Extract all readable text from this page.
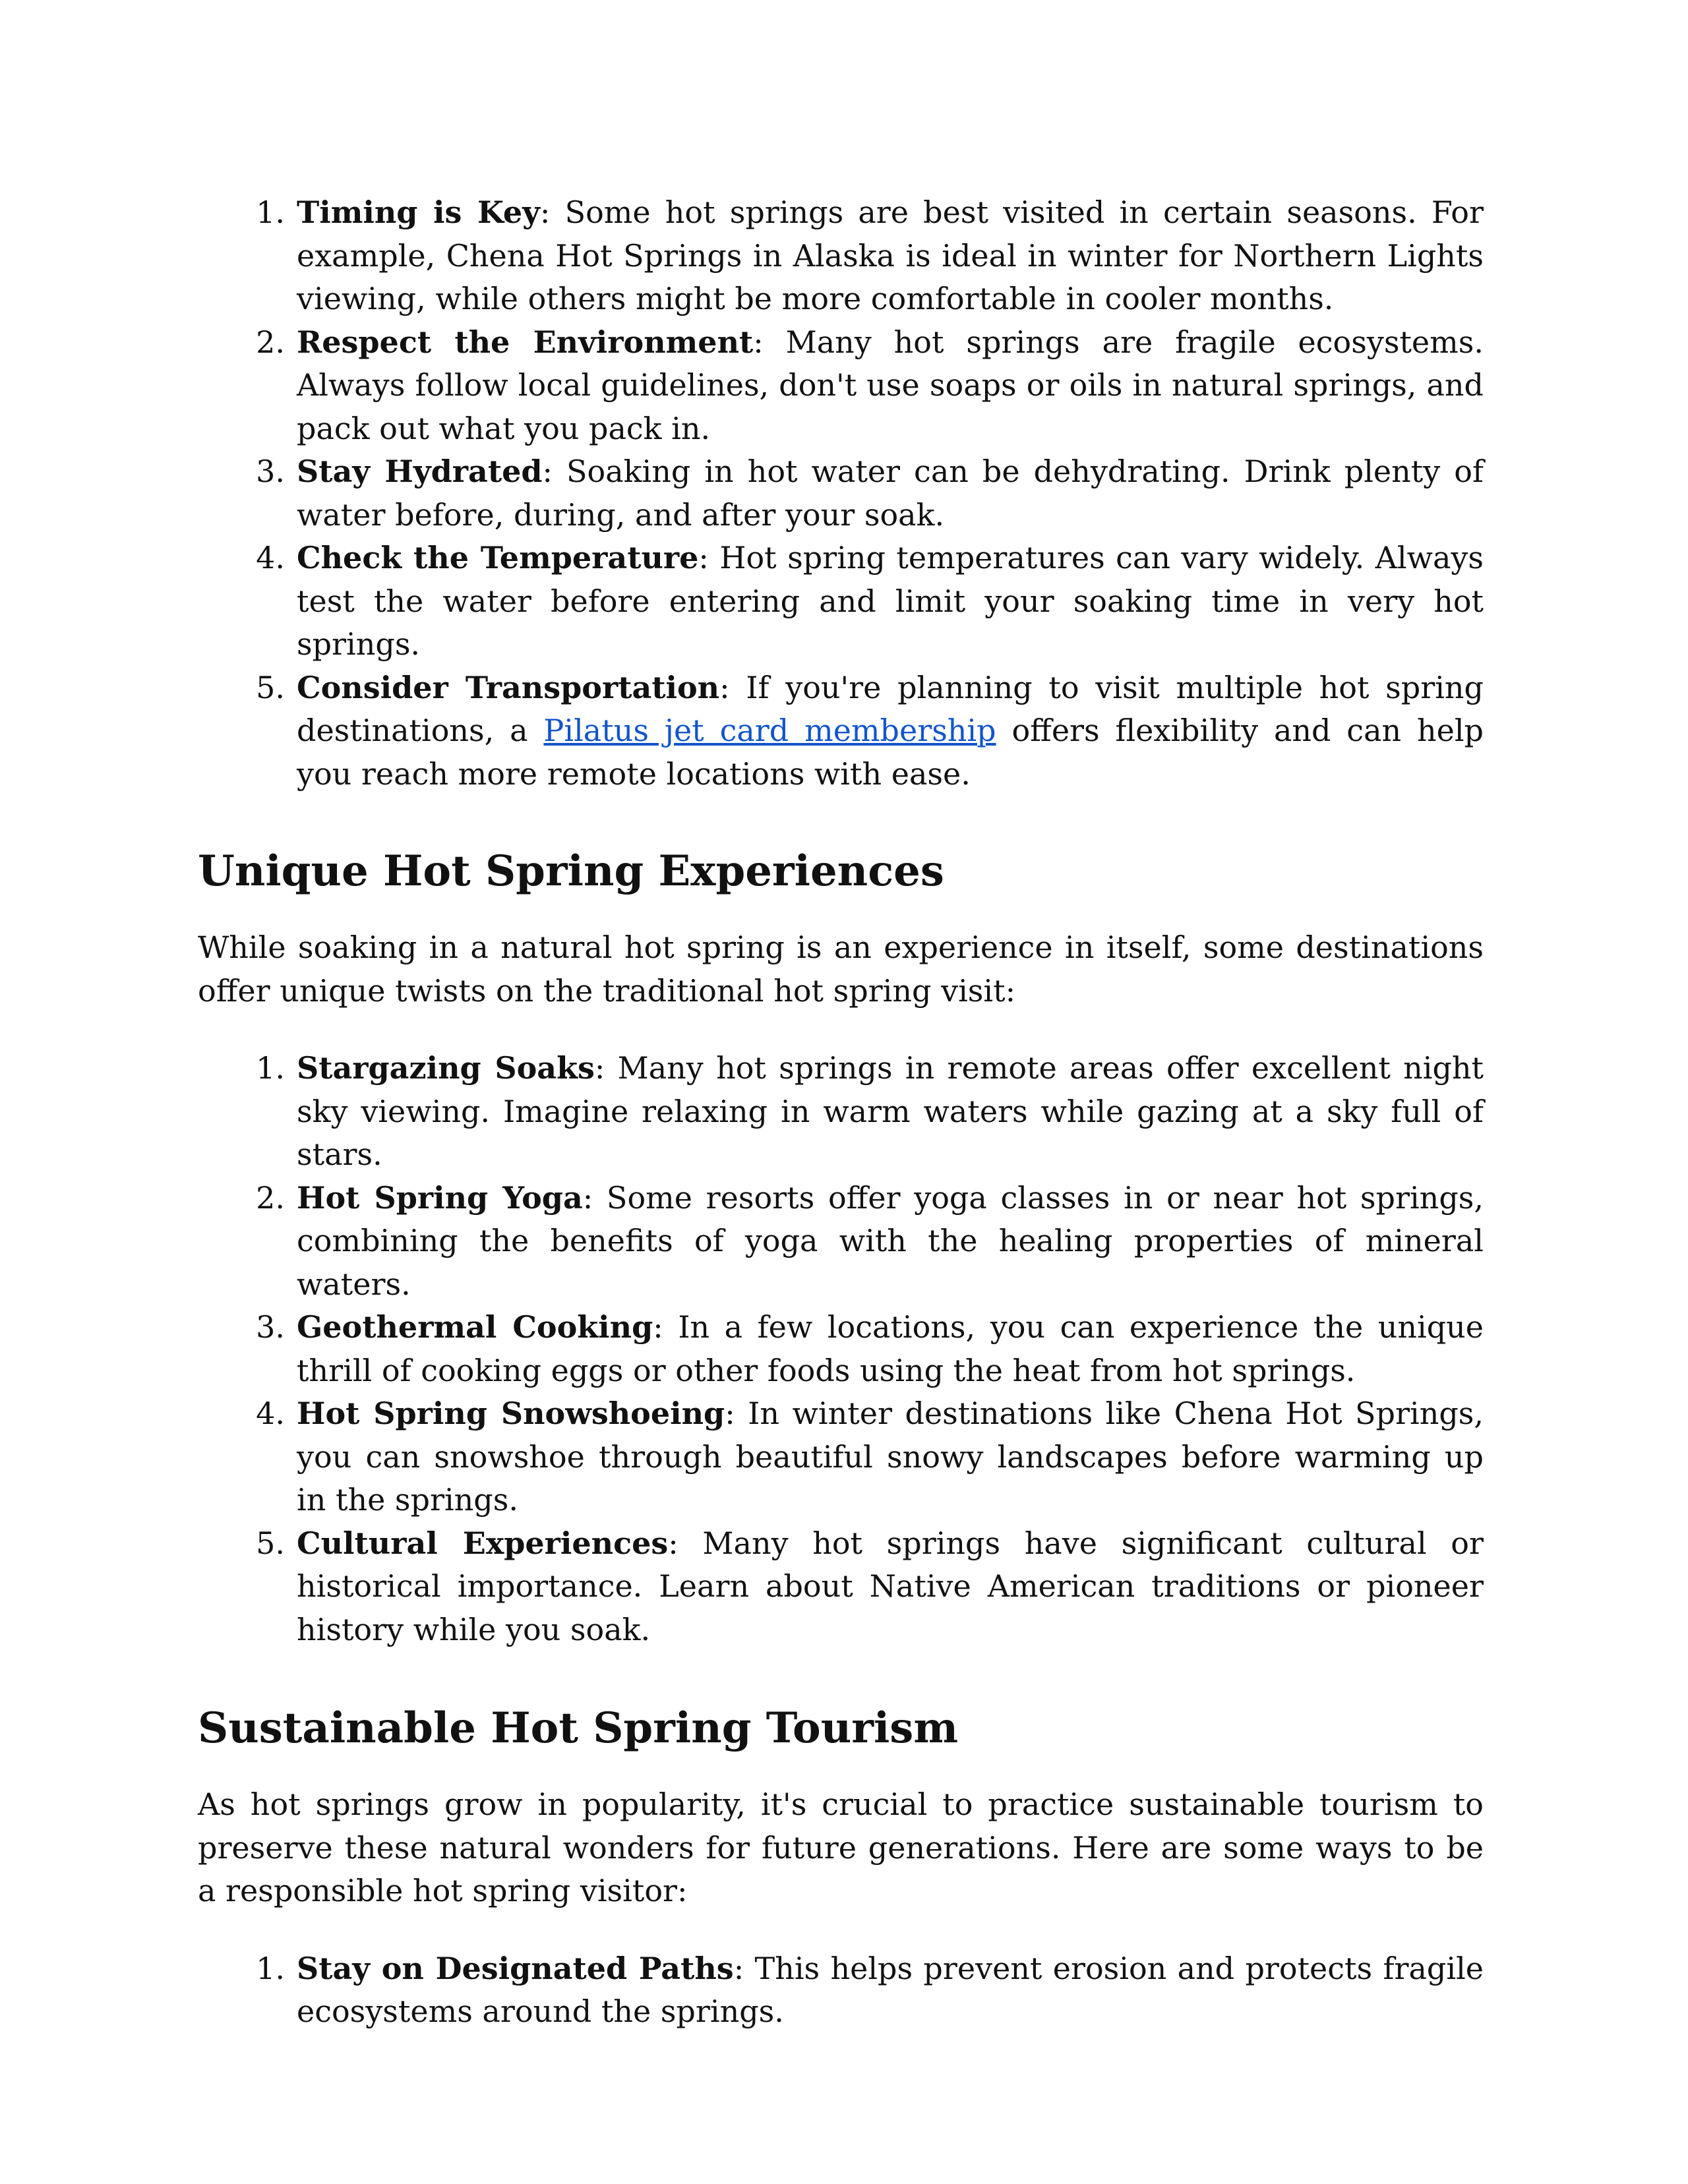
1. Timing is Key: Some hot springs are best visited in certain seasons. For example, Chena Hot Springs in Alaska is ideal in winter for Northern Lights viewing, while others might be more comfortable in cooler months.
2. Respect the Environment: Many hot springs are fragile ecosystems. Always follow local guidelines, don't use soaps or oils in natural springs, and pack out what you pack in.
3. Stay Hydrated: Soaking in hot water can be dehydrating. Drink plenty of water before, during, and after your soak.
4. Check the Temperature: Hot spring temperatures can vary widely. Always test the water before entering and limit your soaking time in very hot springs.
5. Consider Transportation: If you're planning to visit multiple hot spring destinations, a Pilatus jet card membership offers flexibility and can help you reach more remote locations with ease.
Unique Hot Spring Experiences

While soaking in a natural hot spring is an experience in itself, some destinations offer unique twists on the traditional hot spring visit:

1. Stargazing Soaks: Many hot springs in remote areas offer excellent night sky viewing. Imagine relaxing in warm waters while gazing at a sky full of stars.
2. Hot Spring Yoga: Some resorts offer yoga classes in or near hot springs, combining the benefits of yoga with the healing properties of mineral waters.
3. Geothermal Cooking: In a few locations, you can experience the unique thrill of cooking eggs or other foods using the heat from hot springs.
4. Hot Spring Snowshoeing: In winter destinations like Chena Hot Springs, you can snowshoe through beautiful snowy landscapes before warming up in the springs.
5. Cultural Experiences: Many hot springs have significant cultural or historical importance. Learn about Native American traditions or pioneer history while you soak.
Sustainable Hot Spring Tourism

As hot springs grow in popularity, it's crucial to practice sustainable tourism to preserve these natural wonders for future generations. Here are some ways to be a responsible hot spring visitor:

1. Stay on Designated Paths: This helps prevent erosion and protects fragile ecosystems around the springs.
